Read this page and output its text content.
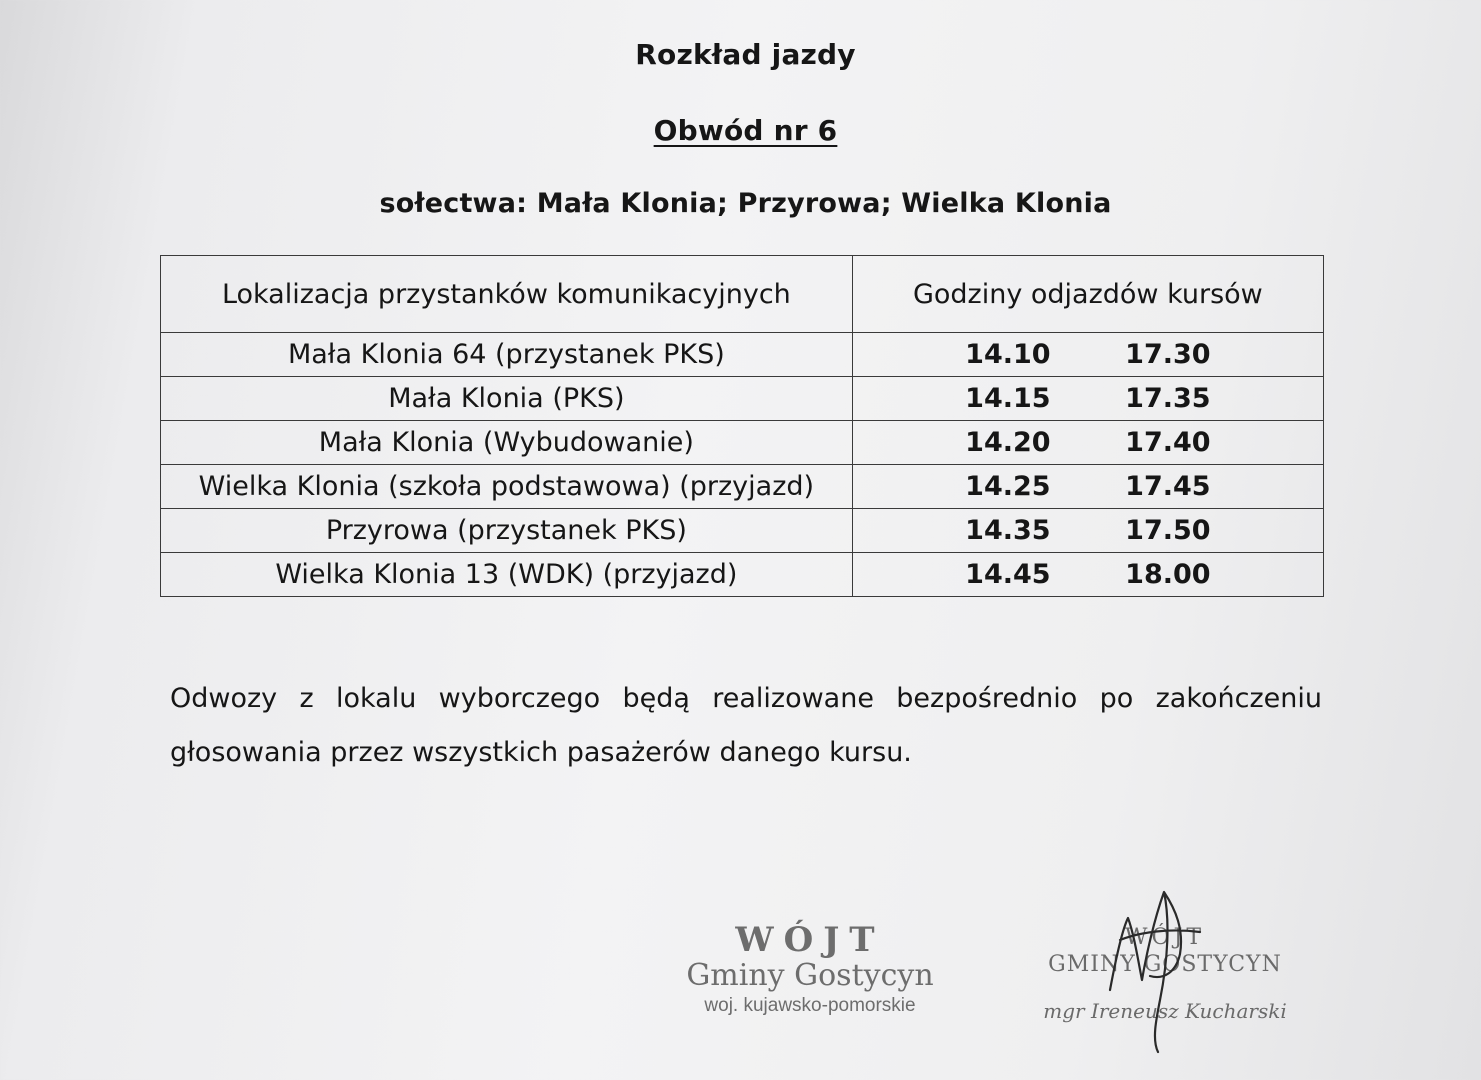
Rozkład jazdy
Obwód nr 6
sołectwa: Mała Klonia; Przyrowa; Wielka Klonia
Lokalizacja przystanków komunikacyjnych	Godziny odjazdów kursów
Mała Klonia 64 (przystanek PKS)	14.10 17.30

Mała Klonia (PKS)	14.15 17.35

Mała Klonia (Wybudowanie)	14.20 17.40

Wielka Klonia (szkoła podstawowa) (przyjazd)	14.25 17.45

Przyrowa (przystanek PKS)	14.35 17.50

Wielka Klonia 13 (WDK) (przyjazd)	14.45 18.00
Odwozy z lokalu wyborczego będą realizowane bezpośrednio po zakończeniu głosowania przez wszystkich pasażerów danego kursu.
WÓJT
Gminy Gostycyn
woj. kujawsko-pomorskie
WÓJT
GMINY GOSTYCYN
mgr Ireneusz Kucharski
